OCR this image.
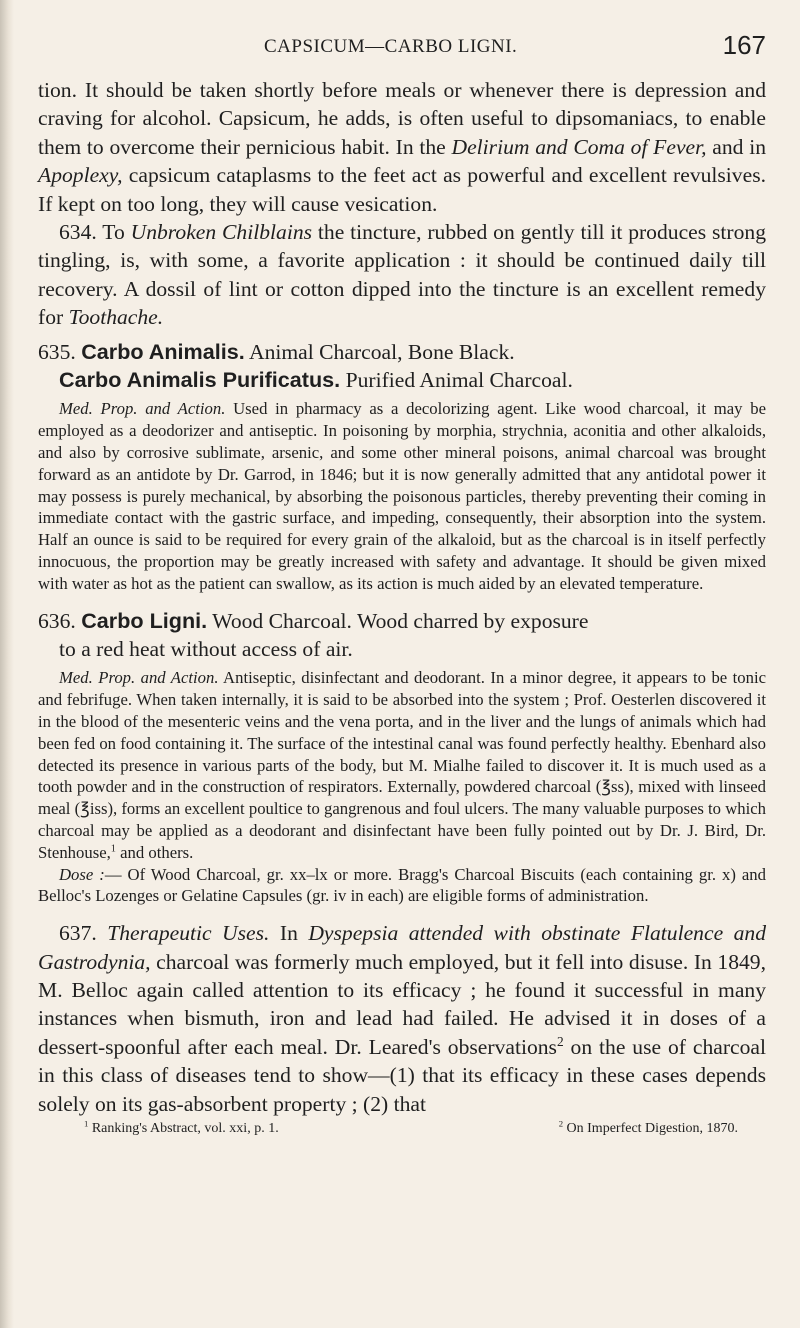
CAPSICUM—CARBO LIGNI.	167

tion. It should be taken shortly before meals or whenever there is depression and craving for alcohol. Capsicum, he adds, is often useful to dipsomaniacs, to enable them to overcome their pernicious habit. In the Delirium and Coma of Fever, and in Apoplexy, capsicum cataplasms to the feet act as powerful and excellent revulsives. If kept on too long, they will cause vesication.

634. To Unbroken Chilblains the tincture, rubbed on gently till it produces strong tingling, is, with some, a favorite application : it should be continued daily till recovery. A dossil of lint or cotton dipped into the tincture is an excellent remedy for Toothache.

635. Carbo Animalis. Animal Charcoal, Bone Black.
Carbo Animalis Purificatus. Purified Animal Charcoal.

Med. Prop. and Action. Used in pharmacy as a decolorizing agent. Like wood charcoal, it may be employed as a deodorizer and antiseptic. In poisoning by morphia, strychnia, aconitia and other alkaloids, and also by corrosive sublimate, arsenic, and some other mineral poisons, animal charcoal was brought forward as an antidote by Dr. Garrod, in 1846; but it is now generally admitted that any antidotal power it may possess is purely mechanical, by absorbing the poisonous particles, thereby preventing their coming in immediate contact with the gastric surface, and impeding, consequently, their absorption into the system. Half an ounce is said to be required for every grain of the alkaloid, but as the charcoal is in itself perfectly innocuous, the proportion may be greatly increased with safety and advantage. It should be given mixed with water as hot as the patient can swallow, as its action is much aided by an elevated temperature.

636. Carbo Ligni. Wood Charcoal. Wood charred by exposure
to a red heat without access of air.

Med. Prop. and Action. Antiseptic, disinfectant and deodorant. In a minor degree, it appears to be tonic and febrifuge. When taken internally, it is said to be absorbed into the system ; Prof. Oesterlen discovered it in the blood of the mesenteric veins and the vena porta, and in the liver and the lungs of animals which had been fed on food containing it. The surface of the intestinal canal was found perfectly healthy. Ebenhard also detected its presence in various parts of the body, but M. Mialhe failed to discover it. It is much used as a tooth powder and in the construction of respirators. Externally, powdered charcoal (℥ss), mixed with linseed meal (℥iss), forms an excellent poultice to gangrenous and foul ulcers. The many valuable purposes to which charcoal may be applied as a deodorant and disinfectant have been fully pointed out by Dr. J. Bird, Dr. Stenhouse,$^1$ and others.

Dose :— Of Wood Charcoal, gr. xx–lx or more. Bragg's Charcoal Biscuits (each containing gr. x) and Belloc's Lozenges or Gelatine Capsules (gr. iv in each) are eligible forms of administration.

637. Therapeutic Uses. In Dyspepsia attended with obstinate Flatulence and Gastrodynia, charcoal was formerly much employed, but it fell into disuse. In 1849, M. Belloc again called attention to its efficacy ; he found it successful in many instances when bismuth, iron and lead had failed. He advised it in doses of a dessert-spoonful after each meal. Dr. Leared's observations$^2$ on the use of charcoal in this class of diseases tend to show—(1) that its efficacy in these cases depends solely on its gas-absorbent property ; (2) that

$^1$ Ranking's Abstract, vol. xxi, p. 1.	$^2$ On Imperfect Digestion, 1870.
